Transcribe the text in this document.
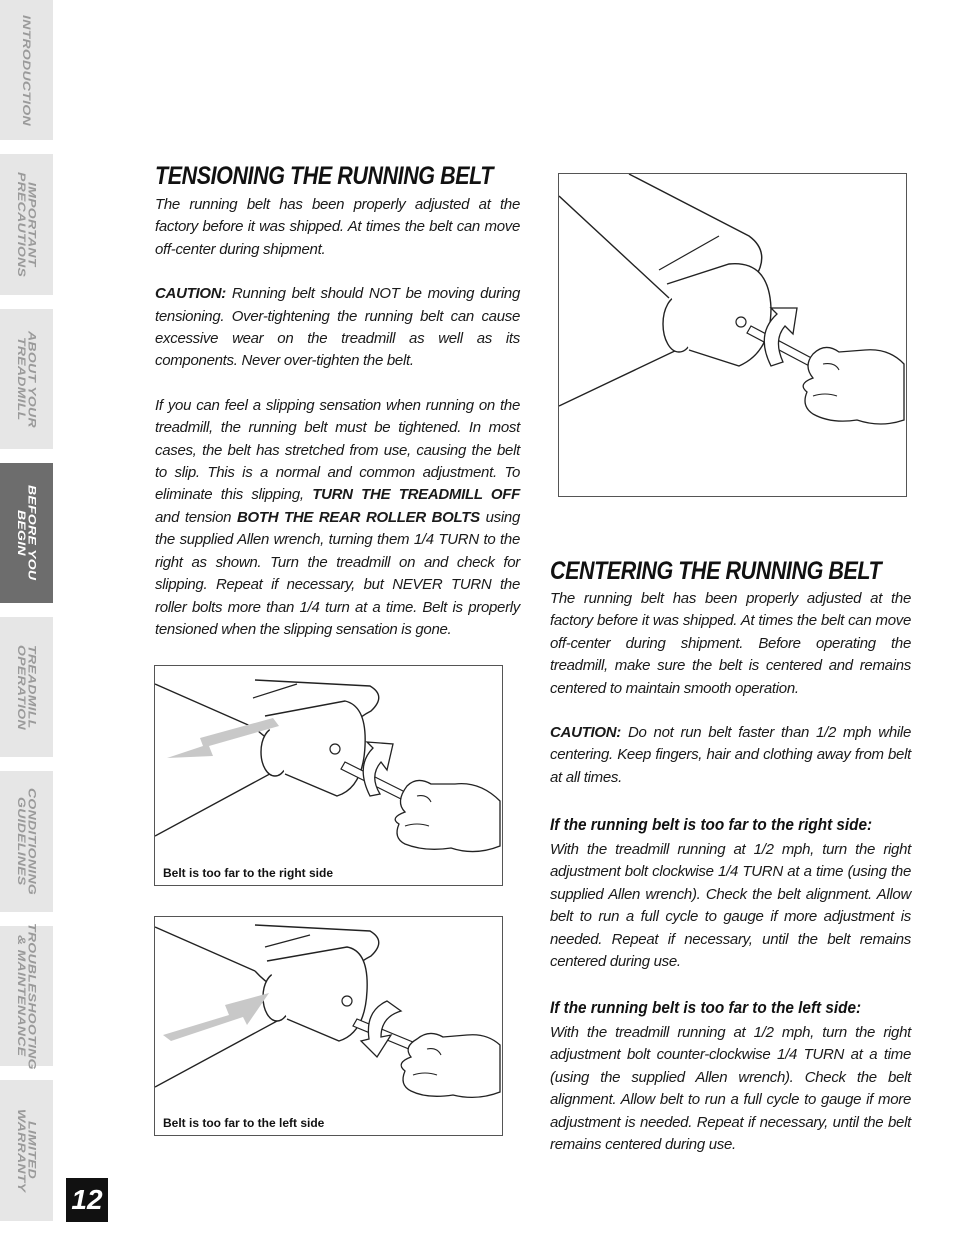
INTRODUCTION
IMPORTANT PRECAUTIONS
ABOUT YOUR TREADMILL
BEFORE YOU BEGIN
TREADMILL OPERATION
CONDITIONING GUIDELINES
TROUBLESHOOTING & MAINTENANCE
LIMITED WARRANTY
12
TENSIONING THE RUNNING BELT

The running belt has been properly adjusted at the factory before it was shipped. At times the belt can move off-center during shipment.

CAUTION: Running belt should NOT be moving during tensioning. Over-tightening the running belt can cause excessive wear on the treadmill as well as its components. Never over-tighten the belt.

If you can feel a slipping sensation when running on the treadmill, the running belt must be tightened. In most cases, the belt has stretched from use, causing the belt to slip. This is a normal and common adjustment. To eliminate this slipping, TURN THE TREADMILL OFF and tension BOTH THE REAR ROLLER BOLTS using the supplied Allen wrench, turning them 1/4 TURN to the right as shown. Turn the treadmill on and check for slipping. Repeat if necessary, but NEVER TURN the roller bolts more than 1/4 turn at a time. Belt is properly tensioned when the slipping sensation is gone.

Belt is too far to the right side
Belt is too far to the left side
CENTERING THE RUNNING BELT

The running belt has been properly adjusted at the factory before it was shipped. At times the belt can move off-center during shipment. Before operating the treadmill, make sure the belt is centered and remains centered to maintain smooth operation.

CAUTION: Do not run belt faster than 1/2 mph while centering. Keep fingers, hair and clothing away from belt at all times.

If the running belt is too far to the right side:

With the treadmill running at 1/2 mph, turn the right adjustment bolt clockwise 1/4 TURN at a time (using the supplied Allen wrench). Check the belt alignment. Allow belt to run a full cycle to gauge if more adjustment is needed. Repeat if necessary, until the belt remains centered during use.

If the running belt is too far to the left side:

With the treadmill running at 1/2 mph, turn the right adjustment bolt counter-clockwise 1/4 TURN at a time (using the supplied Allen wrench). Check the belt alignment. Allow belt to run a full cycle to gauge if more adjustment is needed. Repeat if necessary, until the belt remains centered during use.
